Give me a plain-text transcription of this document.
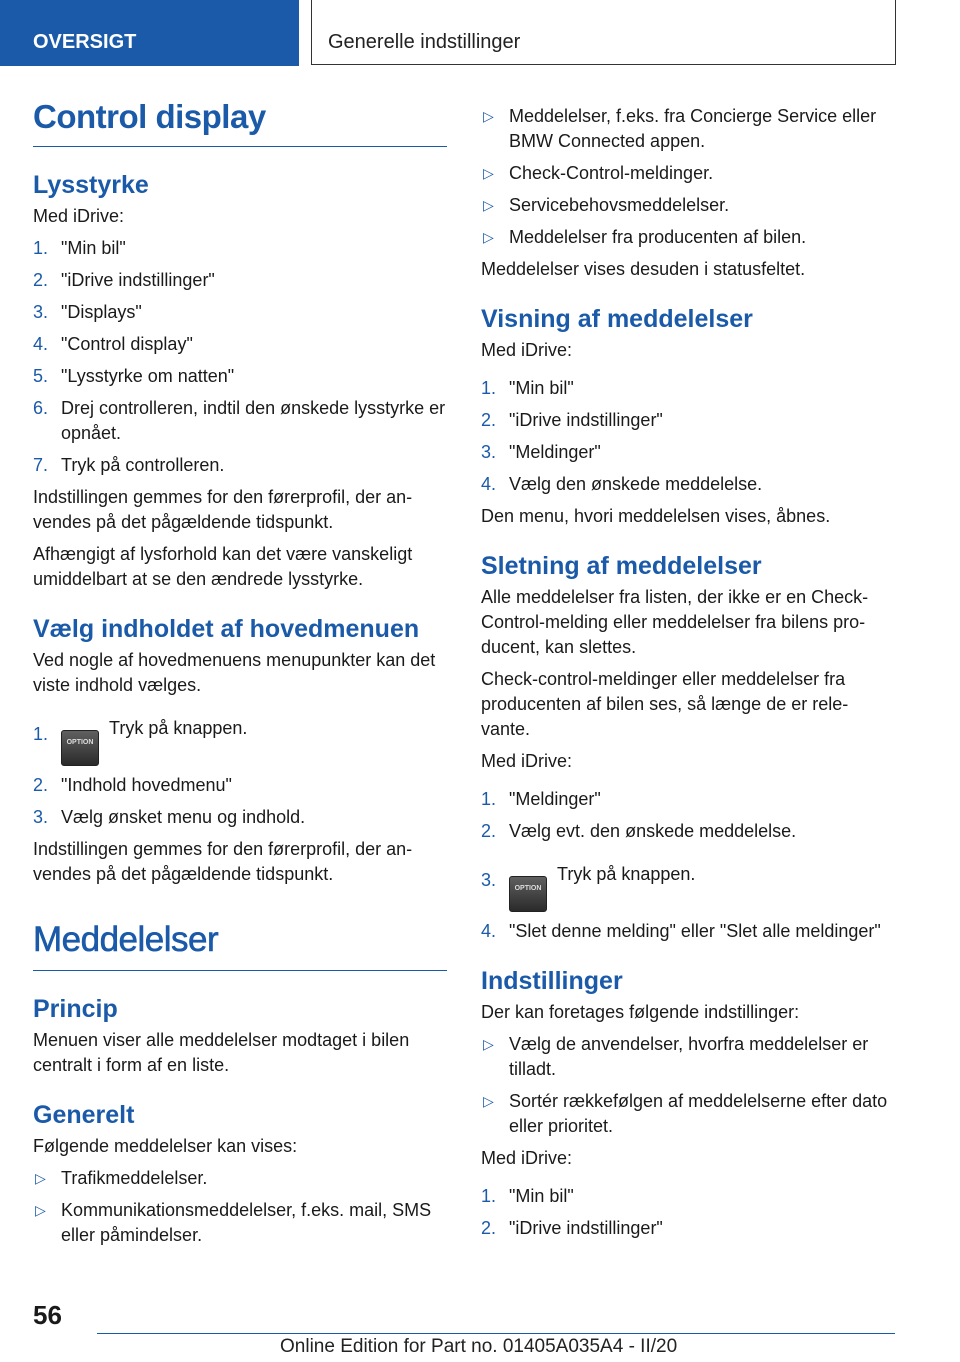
OVERSIGT	Generelle indstillinger
Control display
Lysstyrke
Med iDrive:
1. "Min bil"
2. "iDrive indstillinger"
3. "Displays"
4. "Control display"
5. "Lysstyrke om natten"
6. Drej controlleren, indtil den ønskede lysstyrke er opnået.
7. Tryk på controlleren.
Indstillingen gemmes for den førerprofil, der an-vendes på det pågældende tidspunkt.
Afhængigt af lysforhold kan det være vanskeligt umiddelbart at se den ændrede lysstyrke.
Vælg indholdet af hovedmenuen
Ved nogle af hovedmenuens menupunkter kan det viste indhold vælges.
1.	OPTIONTryk på knappen.
2. "Indhold hovedmenu"
3. Vælg ønsket menu og indhold.
Indstillingen gemmes for den førerprofil, der an-vendes på det pågældende tidspunkt.
Meddelelser
Princip
Menuen viser alle meddelelser modtaget i bilen centralt i form af en liste.
Generelt
Følgende meddelelser kan vises:
▷ Trafikmeddelelser.
▷ Kommunikationsmeddelelser, f.eks. mail, SMS eller påmindelser.
▷ Meddelelser, f.eks. fra Concierge Service eller BMW Connected appen.
▷ Check-Control-meldinger.
▷ Servicebehovsmeddelelser.
▷ Meddelelser fra producenten af bilen.
Meddelelser vises desuden i statusfeltet.
Visning af meddelelser
Med iDrive:
1. "Min bil"
2. "iDrive indstillinger"
3. "Meldinger"
4. Vælg den ønskede meddelelse.
Den menu, hvori meddelelsen vises, åbnes.
Sletning af meddelelser
Alle meddelelser fra listen, der ikke er en Check-Control-melding eller meddelelser fra bilens pro-ducent, kan slettes.
Check-control-meldinger eller meddelelser fra producenten af bilen ses, så længe de er rele-vante.
Med iDrive:
1. "Meldinger"
2. Vælg evt. den ønskede meddelelse.
3.	OPTIONTryk på knappen.
4. "Slet denne melding" eller "Slet alle meldinger"
Indstillinger
Der kan foretages følgende indstillinger:
▷ Vælg de anvendelser, hvorfra meddelelser er tilladt.
▷ Sortér rækkefølgen af meddelelserne efter dato eller prioritet.
Med iDrive:
1. "Min bil"
2. "iDrive indstillinger"
56
Online Edition for Part no. 01405A035A4 - II/20
